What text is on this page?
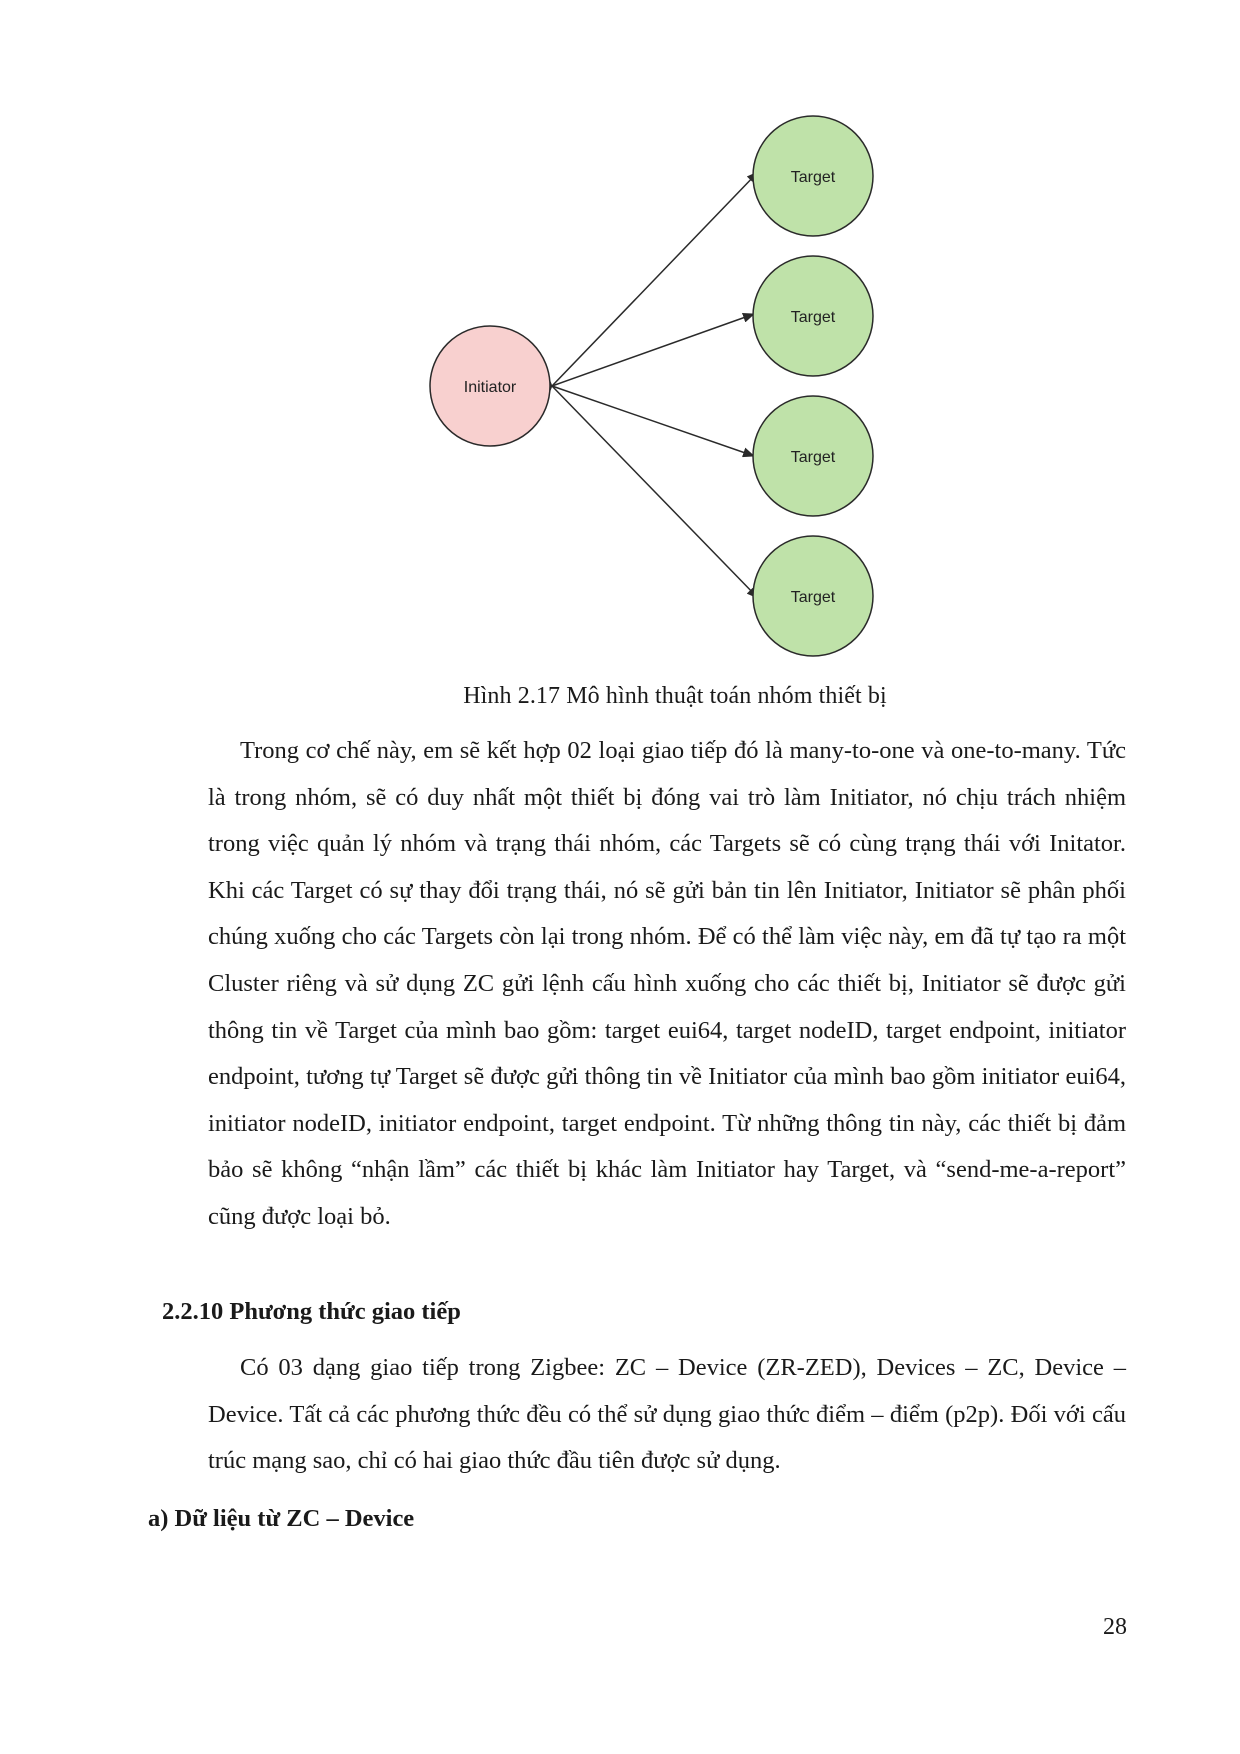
Initiator
Target
Target
Target
Target
Hình 2.17 Mô hình thuật toán nhóm thiết bị

Trong cơ chế này, em sẽ kết hợp 02 loại giao tiếp đó là many-to-one và one-to-many. Tức là trong nhóm, sẽ có duy nhất một thiết bị đóng vai trò làm Initiator, nó chịu trách nhiệm trong việc quản lý nhóm và trạng thái nhóm, các Targets sẽ có cùng trạng thái với Initator. Khi các Target có sự thay đổi trạng thái, nó sẽ gửi bản tin lên Initiator, Initiator sẽ phân phối chúng xuống cho các Targets còn lại trong nhóm. Để có thể làm việc này, em đã tự tạo ra một Cluster riêng và sử dụng ZC gửi lệnh cấu hình xuống cho các thiết bị, Initiator sẽ được gửi thông tin về Target của mình bao gồm: target eui64, target nodeID, target endpoint, initiator endpoint, tương tự Target sẽ được gửi thông tin về Initiator của mình bao gồm initiator eui64, initiator nodeID, initiator endpoint, target endpoint. Từ những thông tin này, các thiết bị đảm bảo sẽ không “nhận lầm” các thiết bị khác làm Initiator hay Target, và “send-me-a-report” cũng được loại bỏ.

2.2.10 Phương thức giao tiếp

Có 03 dạng giao tiếp trong Zigbee: ZC – Device (ZR-ZED), Devices – ZC, Device – Device. Tất cả các phương thức đều có thể sử dụng giao thức điểm – điểm (p2p). Đối với cấu trúc mạng sao, chỉ có hai giao thức đầu tiên được sử dụng.

a) Dữ liệu từ ZC – Device
28
